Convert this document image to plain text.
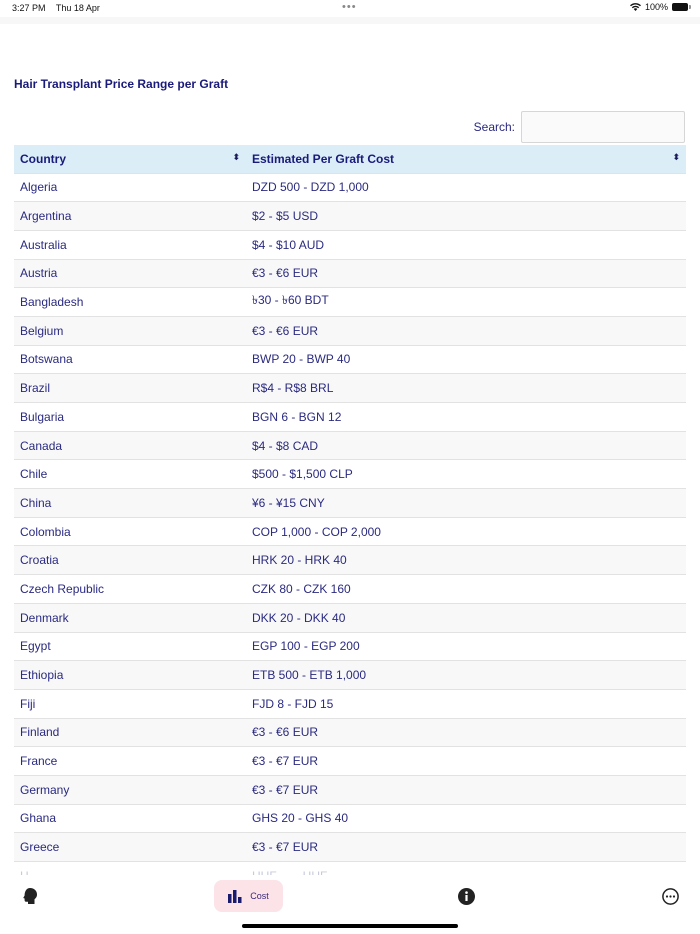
3:27 PM Thu 18 Apr	•••	100%
Hair Transplant Price Range per Graft
Search:
Country ⬍	Estimated Per Graft Cost ⬍

Algeria	DZD 500 - DZD 1,000
Argentina	$2 - $5 USD
Australia	$4 - $10 AUD
Austria	€3 - €6 EUR
Bangladesh	৳30 - ৳60 BDT
Belgium	€3 - €6 EUR
Botswana	BWP 20 - BWP 40
Brazil	R$4 - R$8 BRL
Bulgaria	BGN 6 - BGN 12
Canada	$4 - $8 CAD
Chile	$500 - $1,500 CLP
China	¥6 - ¥15 CNY
Colombia	COP 1,000 - COP 2,000
Croatia	HRK 20 - HRK 40
Czech Republic	CZK 80 - CZK 160
Denmark	DKK 20 - DKK 40
Egypt	EGP 100 - EGP 200
Ethiopia	ETB 500 - ETB 1,000
Fiji	FJD 8 - FJD 15
Finland	€3 - €6 EUR
France	€3 - €7 EUR
Germany	€3 - €7 EUR
Ghana	GHS 20 - GHS 40
Greece	€3 - €7 EUR

Cost
